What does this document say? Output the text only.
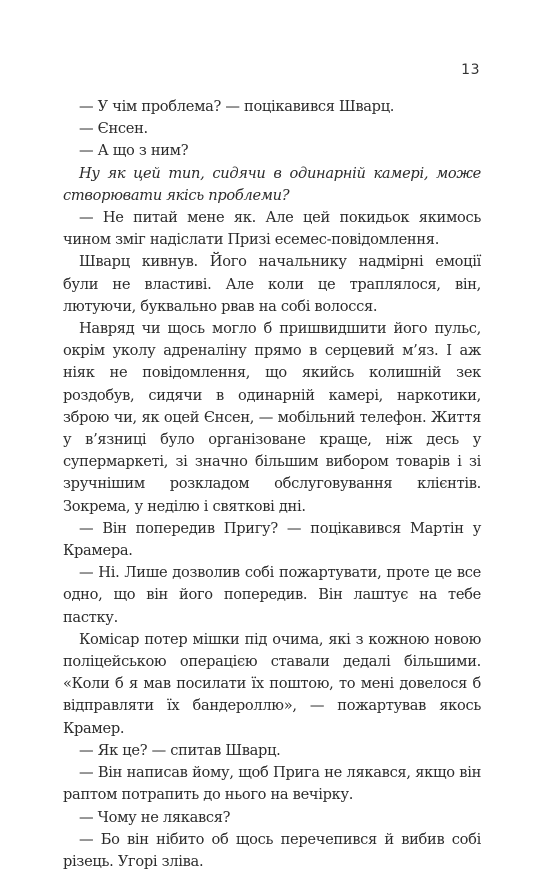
13

— У чім проблема? — поцікавився Шварц.

— Єнсен.

— А що з ним?

Ну як цей тип, сидячи в одинарній камері, може створювати якісь проблеми?

— Не питай мене як. Але цей покидьок якимось чином зміг надіслати Призі есемес-повідомлення.

Шварц кивнув. Його начальнику надмірні емоції були не властиві. Але коли це траплялося, він, лютуючи, буквально рвав на собі волосся.

Навряд чи щось могло б пришвидшити його пульс, окрім уколу адреналіну прямо в серцевий м’яз. І аж ніяк не повідомлення, що якийсь колишній зек роздобув, сидячи в одинарній камері, наркотики, зброю чи, як оцей Єнсен, — мобільний телефон. Життя у в’язниці було організоване краще, ніж десь у супермаркеті, зі значно більшим вибором товарів і зі зручнішим розкладом обслуговування клієнтів. Зокрема, у неділю і святкові дні.

— Він попередив Пригу? — поцікавився Мартін у Крамера.

— Ні. Лише дозволив собі пожартувати, проте це все одно, що він його попередив. Він лаштує на тебе пастку.

Комісар потер мішки під очима, які з кожною новою поліцейською операцією ставали дедалі більшими. «Коли б я мав посилати їх поштою, то мені довелося б відправляти їх бандероллю», — пожартував якось Крамер.

— Як це? — спитав Шварц.

— Він написав йому, щоб Прига не лякався, якщо він раптом потрапить до нього на вечірку.

— Чому не лякався?

— Бо він нібито об щось перечепився й вибив собі різець. Угорі зліва.
